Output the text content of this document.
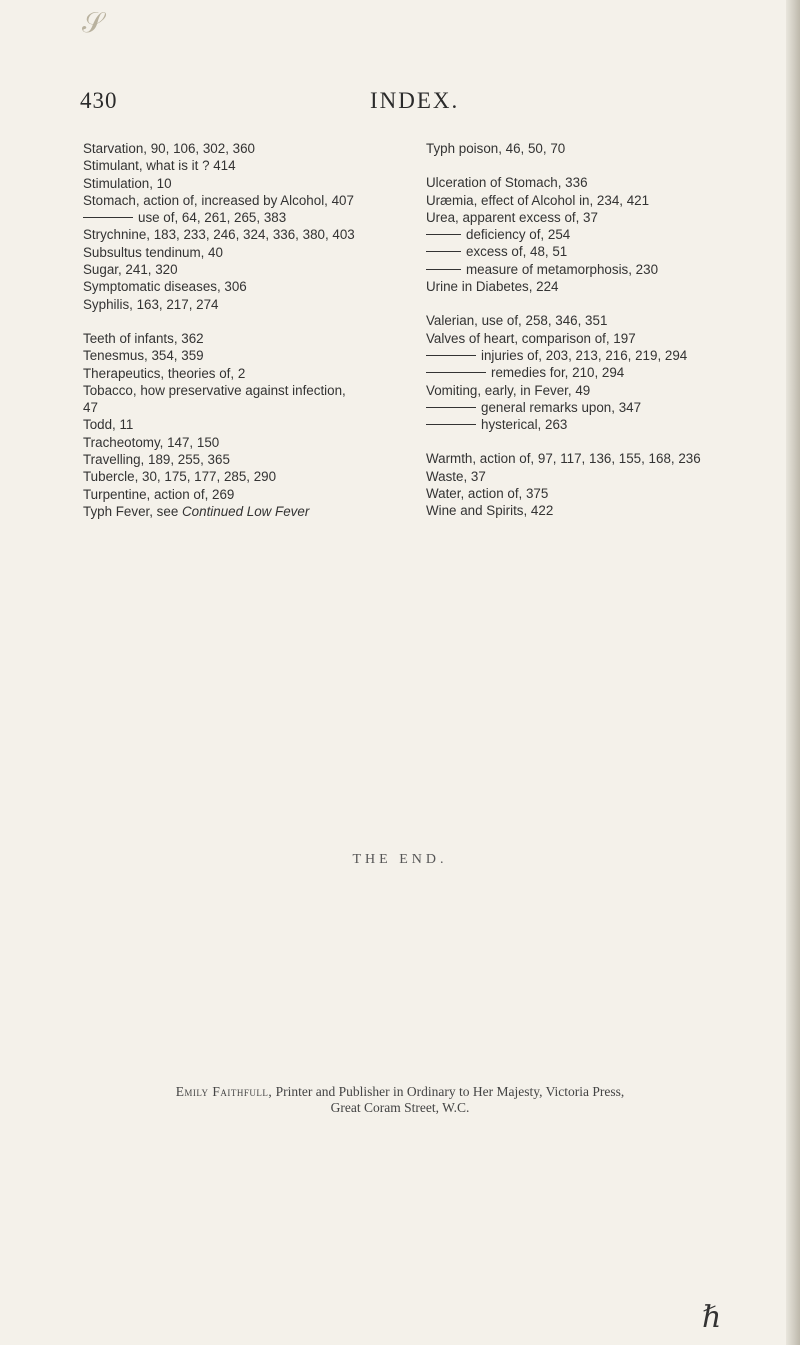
𝒮
ℏ
430	INDEX.
Starvation, 90, 106, 302, 360
Stimulant, what is it ? 414
Stimulation, 10
Stomach, action of, increased by Alcohol, 407
use of, 64, 261, 265, 383
Strychnine, 183, 233, 246, 324, 336, 380, 403
Subsultus tendinum, 40
Sugar, 241, 320
Symptomatic diseases, 306
Syphilis, 163, 217, 274
Teeth of infants, 362
Tenesmus, 354, 359
Therapeutics, theories of, 2
Tobacco, how preservative against infection,
47
Todd, 11
Tracheotomy, 147, 150
Travelling, 189, 255, 365
Tubercle, 30, 175, 177, 285, 290
Turpentine, action of, 269
Typh Fever, see Continued Low Fever
Typh poison, 46, 50, 70
Ulceration of Stomach, 336
Uræmia, effect of Alcohol in, 234, 421
Urea, apparent excess of, 37
deficiency of, 254
excess of, 48, 51
measure of metamorphosis, 230
Urine in Diabetes, 224
Valerian, use of, 258, 346, 351
Valves of heart, comparison of, 197
injuries of, 203, 213, 216, 219, 294
remedies for, 210, 294
Vomiting, early, in Fever, 49
general remarks upon, 347
hysterical, 263
Warmth, action of, 97, 117, 136, 155, 168, 236
Waste, 37
Water, action of, 375
Wine and Spirits, 422
THE END.
Emily Faithfull, Printer and Publisher in Ordinary to Her Majesty, Victoria Press,
Great Coram Street, W.C.
